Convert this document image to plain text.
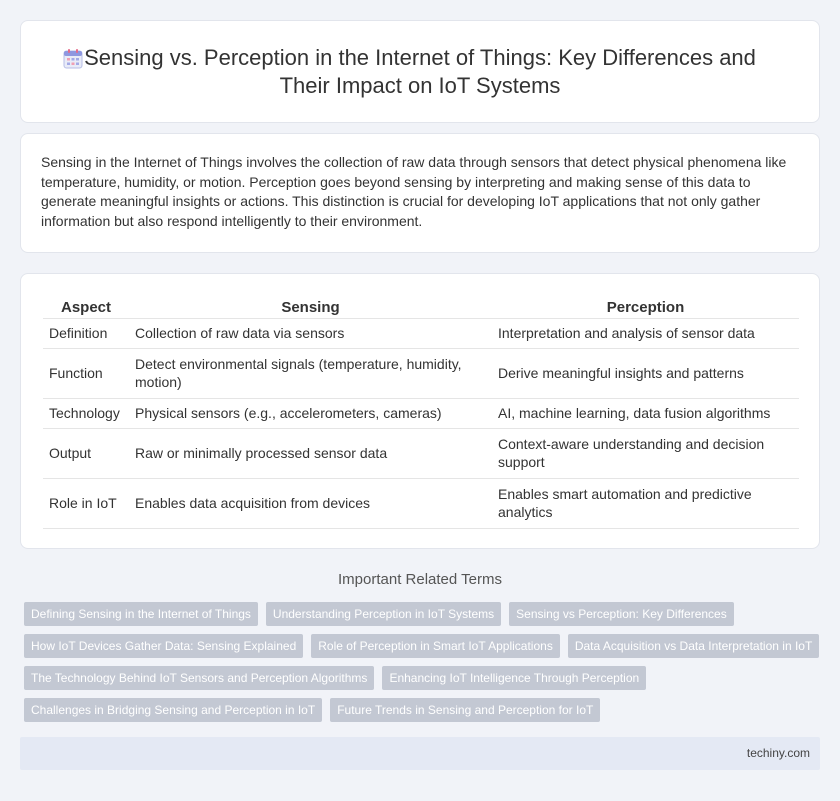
Sensing vs. Perception in the Internet of Things: Key Differences and Their Impact on IoT Systems

Sensing in the Internet of Things involves the collection of raw data through sensors that detect physical phenomena like temperature, humidity, or motion. Perception goes beyond sensing by interpreting and making sense of this data to generate meaningful insights or actions. This distinction is crucial for developing IoT applications that not only gather information but also respond intelligently to their environment.

Aspect	Sensing	Perception
Definition	Collection of raw data via sensors	Interpretation and analysis of sensor data
Function	Detect environmental signals (temperature, humidity, motion)	Derive meaningful insights and patterns
Technology	Physical sensors (e.g., accelerometers, cameras)	AI, machine learning, data fusion algorithms
Output	Raw or minimally processed sensor data	Context-aware understanding and decision support
Role in IoT	Enables data acquisition from devices	Enables smart automation and predictive analytics
Important Related Terms
Defining Sensing in the Internet of Things	Understanding Perception in IoT Systems	Sensing vs Perception: Key Differences
How IoT Devices Gather Data: Sensing Explained	Role of Perception in Smart IoT Applications	Data Acquisition vs Data Interpretation in IoT
The Technology Behind IoT Sensors and Perception Algorithms	Enhancing IoT Intelligence Through Perception
Challenges in Bridging Sensing and Perception in IoT	Future Trends in Sensing and Perception for IoT
techiny.com
